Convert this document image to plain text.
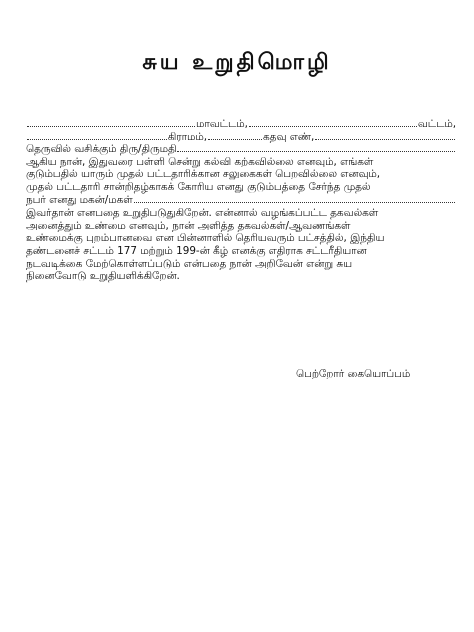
சுய உறுதிமொழி
மாவட்டம்,	வட்டம்,
கிராமம்,	கதவு எண்,
தெருவில் வசிக்கும் திரு/திருமதி
ஆகிய நான், இதுவரை பள்ளி சென்று கல்வி கற்கவில்லை எனவும், எங்கள்
குடும்பதில் யாரும் முதல் பட்டதாரிக்கான சலுகைகள் பெறவில்லை எனவும்,
முதல் பட்டதாரி சான்றிதழ்காகக் கோரிய எனது குடும்பத்தை சேர்ந்த முதல்
நபர் எனது மகன்/மகள்
இவர்தான் எனபதை உறுதிபடுதுகிறேன். என்னால் வழங்கப்பட்ட தகவல்கள்
அனைத்தும் உண்மை எனவும், நான் அளித்த தகவல்கள்/ஆவணங்கள்
உண்மைக்கு புறம்பானவை என பின்னாளில் தெரியவரும் பட்சத்தில், இந்திய
தண்டனைச் சட்டம் 177 மற்றும் 199-ன் கீழ் எனக்கு எதிராக சட்டரீதியான
நடவடிக்கை மேற்கொள்ளப்படும் என்பதை நான் அறிவேன் என்று சுய
நினைவோடு உறுதியளிக்கிறேன்.
பெற்றோர் கையொப்பம்
